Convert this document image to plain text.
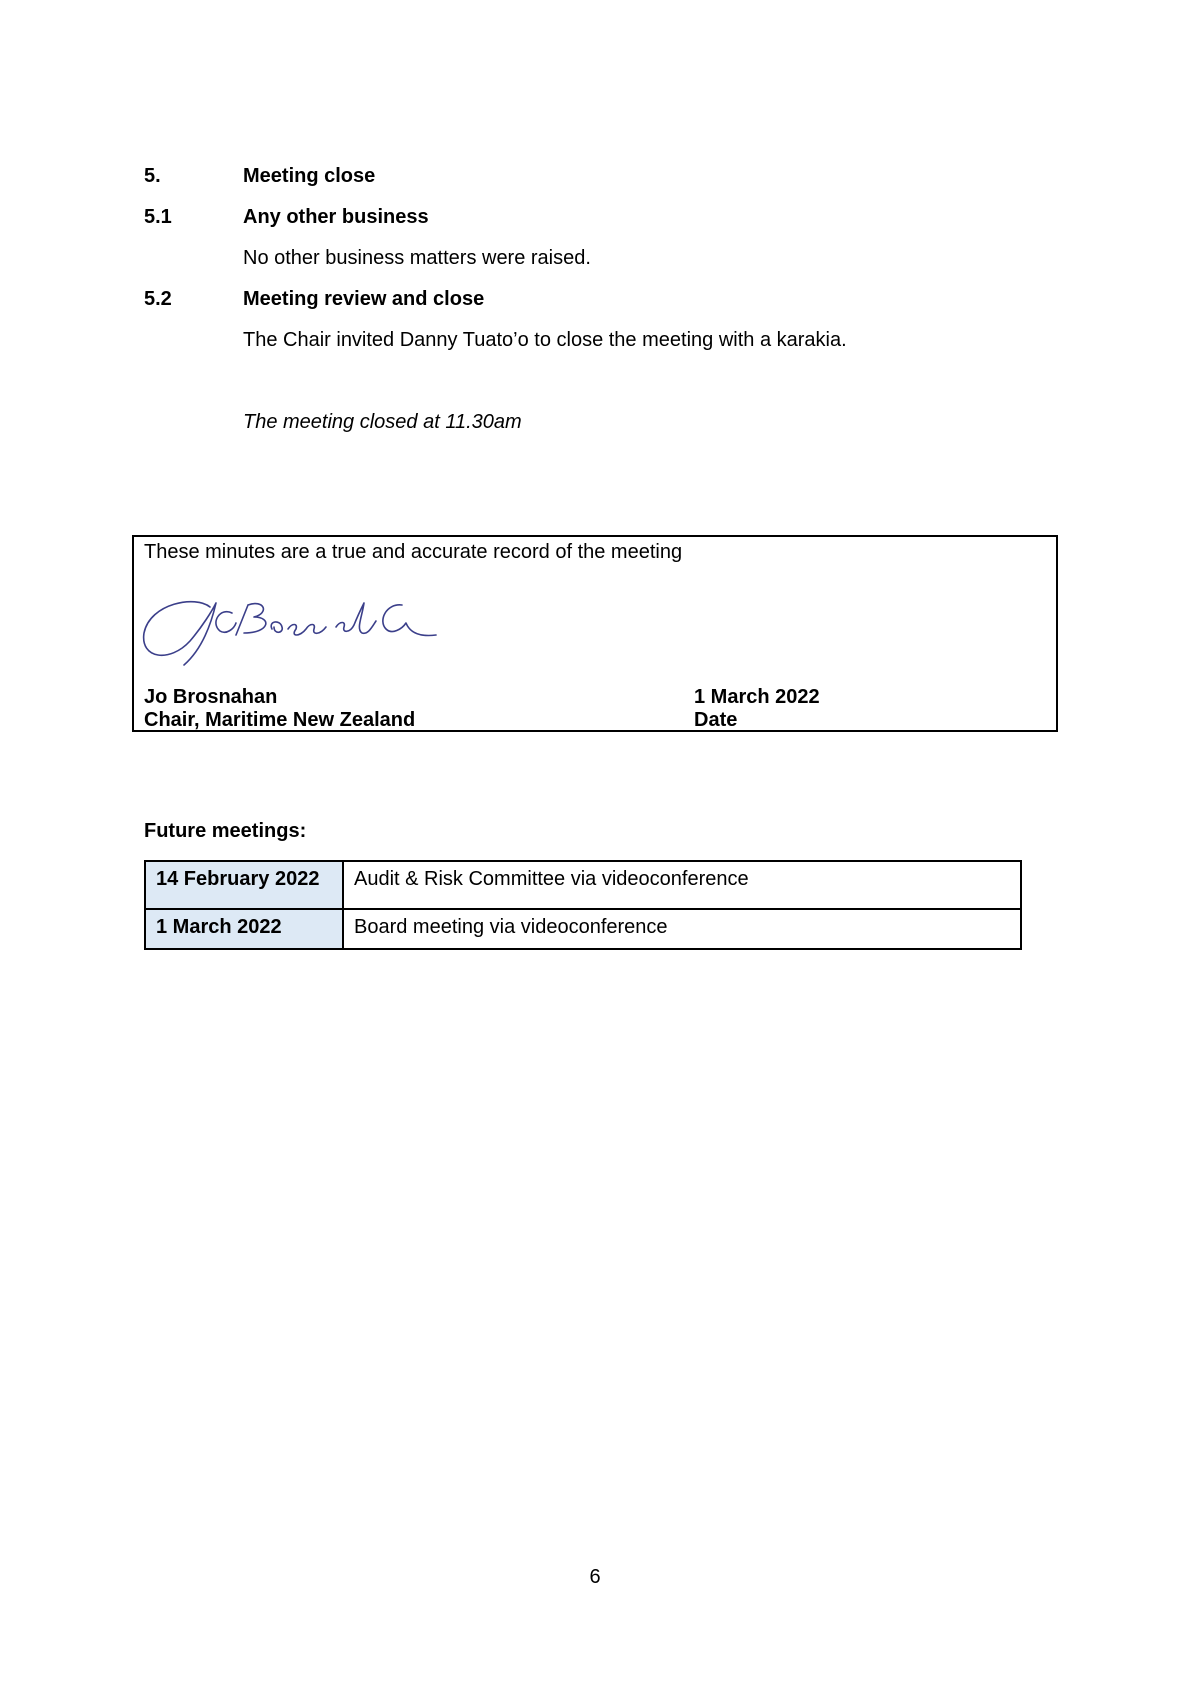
5.	Meeting close
5.1	Any other business
No other business matters were raised.
5.2	Meeting review and close
The Chair invited Danny Tuato’o to close the meeting with a karakia.
The meeting closed at 11.30am
These minutes are a true and accurate record of the meeting
Jo Brosnahan
Chair, Maritime New Zealand
1 March 2022
Date
Future meetings:
14 February 2022	Audit & Risk Committee via videoconference
1 March 2022	Board meeting via videoconference
6
